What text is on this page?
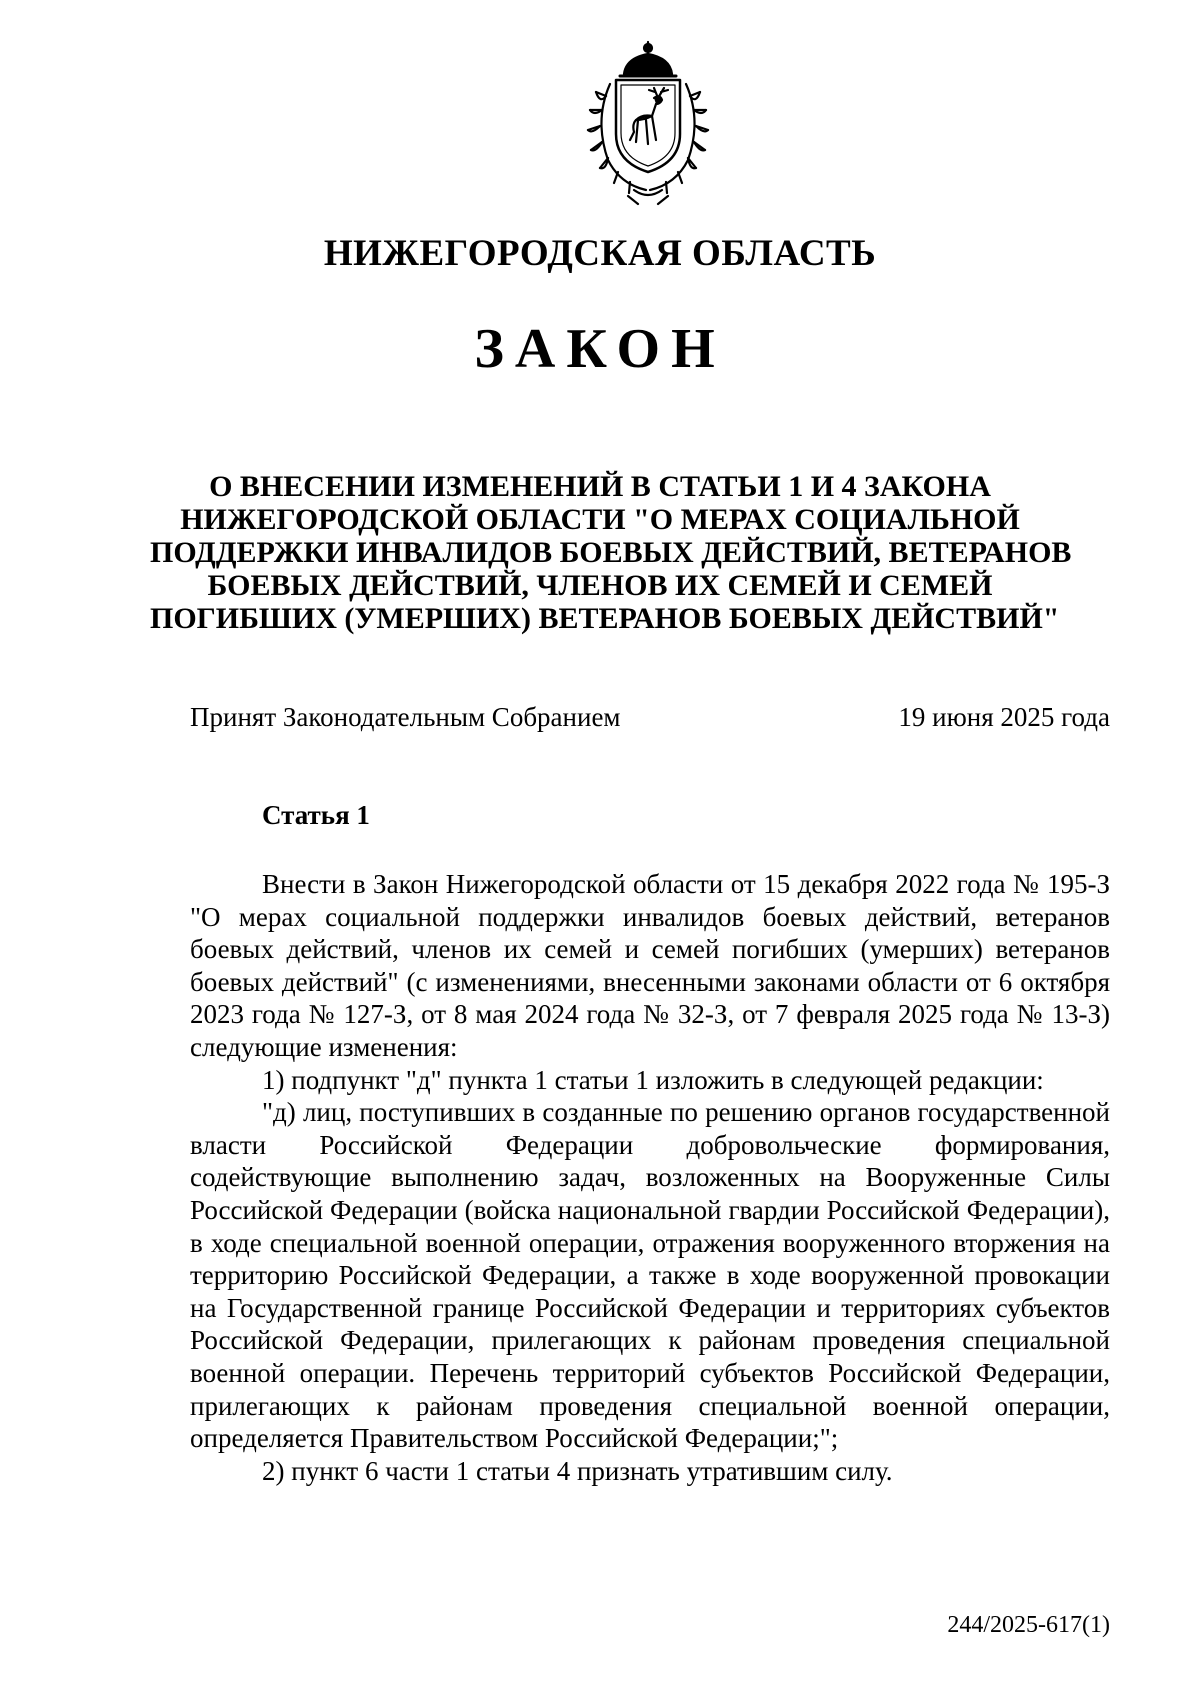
НИЖЕГОРОДСКАЯ ОБЛАСТЬ
ЗАКОН
О ВНЕСЕНИИ ИЗМЕНЕНИЙ В СТАТЬИ 1 И 4 ЗАКОНА
НИЖЕГОРОДСКОЙ ОБЛАСТИ "О МЕРАХ СОЦИАЛЬНОЙ
ПОДДЕРЖКИ ИНВАЛИДОВ БОЕВЫХ ДЕЙСТВИЙ, ВЕТЕРАНОВ
БОЕВЫХ ДЕЙСТВИЙ, ЧЛЕНОВ ИХ СЕМЕЙ И СЕМЕЙ
ПОГИБШИХ (УМЕРШИХ) ВЕТЕРАНОВ БОЕВЫХ ДЕЙСТВИЙ"
Принят Законодательным Собранием	19 июня 2025 года
Статья 1

Внести в Закон Нижегородской области от 15 декабря 2022 года № 195-З "О мерах социальной поддержки инвалидов боевых действий, ветеранов боевых действий, членов их семей и семей погибших (умерших) ветеранов боевых действий" (с изменениями, внесенными законами области от 6 октября 2023 года № 127-З, от 8 мая 2024 года № 32-З, от 7 февраля 2025 года № 13-З) следующие изменения:

1) подпункт "д" пункта 1 статьи 1 изложить в следующей редакции:

"д) лиц, поступивших в созданные по решению органов государственной власти Российской Федерации добровольческие формирования, содействующие выполнению задач, возложенных на Вооруженные Силы Российской Федерации (войска национальной гвардии Российской Федерации), в ходе специальной военной операции, отражения вооруженного вторжения на территорию Российской Федерации, а также в ходе вооруженной провокации на Государственной границе Российской Федерации и территориях субъектов Российской Федерации, прилегающих к районам проведения специальной военной операции. Перечень территорий субъектов Российской Федерации, прилегающих к районам проведения специальной военной операции, определяется Правительством Российской Федерации;";

2) пункт 6 части 1 статьи 4 признать утратившим силу.

244/2025-617(1)
